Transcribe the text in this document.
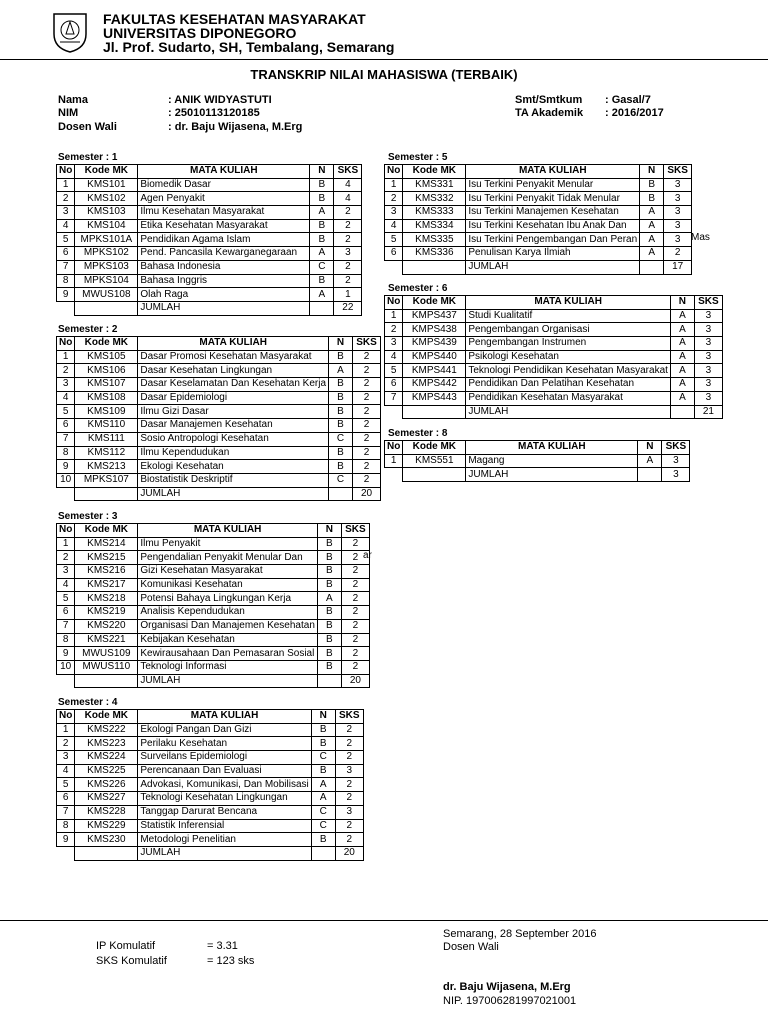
FAKULTAS KESEHATAN MASYARAKAT
UNIVERSITAS DIPONEGORO
Jl. Prof. Sudarto, SH, Tembalang, Semarang
TRANSKRIP NILAI MAHASISWA (TERBAIK)
Nama	: ANIK WIDYASTUTI
NIM	: 25010113120185
Dosen Wali	: dr. Baju Wijasena, M.Erg
Smt/Smtkum : Gasal/7
TA Akademik : 2016/2017
Semester : 1
No	Kode MK	MATA KULIAH	N	SKS
1	KMS101	Biomedik Dasar	B	4
2	KMS102	Agen Penyakit	B	4
3	KMS103	Ilmu Kesehatan Masyarakat	A	2
4	KMS104	Etika Kesehatan Masyarakat	B	2
5	MPKS101A	Pendidikan Agama Islam	B	2
6	MPKS102	Pend. Pancasila Kewarganegaraan	A	3
7	MPKS103	Bahasa Indonesia	C	2
8	MPKS104	Bahasa Inggris	B	2
9	MWUS108	Olah Raga	A	1
		JUMLAH		22
Semester : 2
No	Kode MK	MATA KULIAH	N	SKS
1	KMS105	Dasar Promosi Kesehatan Masyarakat	B	2
2	KMS106	Dasar Kesehatan Lingkungan	A	2
3	KMS107	Dasar Keselamatan Dan Kesehatan Kerja	B	2
4	KMS108	Dasar Epidemiologi	B	2
5	KMS109	Ilmu Gizi Dasar	B	2
6	KMS110	Dasar Manajemen Kesehatan	B	2
7	KMS111	Sosio Antropologi Kesehatan	C	2
8	KMS112	Ilmu Kependudukan	B	2
9	KMS213	Ekologi Kesehatan	B	2
10	MPKS107	Biostatistik Deskriptif	C	2
		JUMLAH		20
Semester : 3
No	Kode MK	MATA KULIAH	N	SKS
1	KMS214	Ilmu Penyakit	B	2
2	KMS215	Pengendalian Penyakit Menular Dan	B	2
3	KMS216	Gizi Kesehatan Masyarakat	B	2
4	KMS217	Komunikasi Kesehatan	B	2
5	KMS218	Potensi Bahaya Lingkungan Kerja	A	2
6	KMS219	Analisis Kependudukan	B	2
7	KMS220	Organisasi Dan Manajemen Kesehatan	B	2
8	KMS221	Kebijakan Kesehatan	B	2
9	MWUS109	Kewirausahaan Dan Pemasaran Sosial	B	2
10	MWUS110	Teknologi Informasi	B	2
		JUMLAH		20
Semester : 4
No	Kode MK	MATA KULIAH	N	SKS
1	KMS222	Ekologi Pangan Dan Gizi	B	2
2	KMS223	Perilaku Kesehatan	B	2
3	KMS224	Surveilans Epidemiologi	C	2
4	KMS225	Perencanaan Dan Evaluasi	B	3
5	KMS226	Advokasi, Komunikasi, Dan Mobilisasi	A	2
6	KMS227	Teknologi Kesehatan Lingkungan	A	2
7	KMS228	Tanggap Darurat Bencana	C	3
8	KMS229	Statistik Inferensial	C	2
9	KMS230	Metodologi Penelitian	B	2
		JUMLAH		20
Semester : 5
No	Kode MK	MATA KULIAH	N	SKS
1	KMS331	Isu Terkini Penyakit Menular	B	3
2	KMS332	Isu Terkini Penyakit Tidak Menular	B	3
3	KMS333	Isu Terkini Manajemen Kesehatan	A	3
4	KMS334	Isu Terkini Kesehatan Ibu Anak Dan	A	3
5	KMS335	Isu Terkini Pengembangan Dan Peran	A	3
6	KMS336	Penulisan Karya Ilmiah	A	2
		JUMLAH		17
Semester : 6
No	Kode MK	MATA KULIAH	N	SKS
1	KMPS437	Studi Kualitatif	A	3
2	KMPS438	Pengembangan Organisasi	A	3
3	KMPS439	Pengembangan Instrumen	A	3
4	KMPS440	Psikologi Kesehatan	A	3
5	KMPS441	Teknologi Pendidikan Kesehatan Masyarakat	A	3
6	KMPS442	Pendidikan Dan Pelatihan Kesehatan	A	3
7	KMPS443	Pendidikan Kesehatan Masyarakat	A	3
		JUMLAH		21
Semester : 8
No	Kode MK	MATA KULIAH	N	SKS
1	KMS551	Magang	A	3
		JUMLAH		3
ar
Mas
IP Komulatif	= 3.31
SKS Komulatif	= 123 sks
Semarang, 28 September 2016
Dosen Wali
dr. Baju Wijasena, M.Erg
NIP. 197006281997021001
